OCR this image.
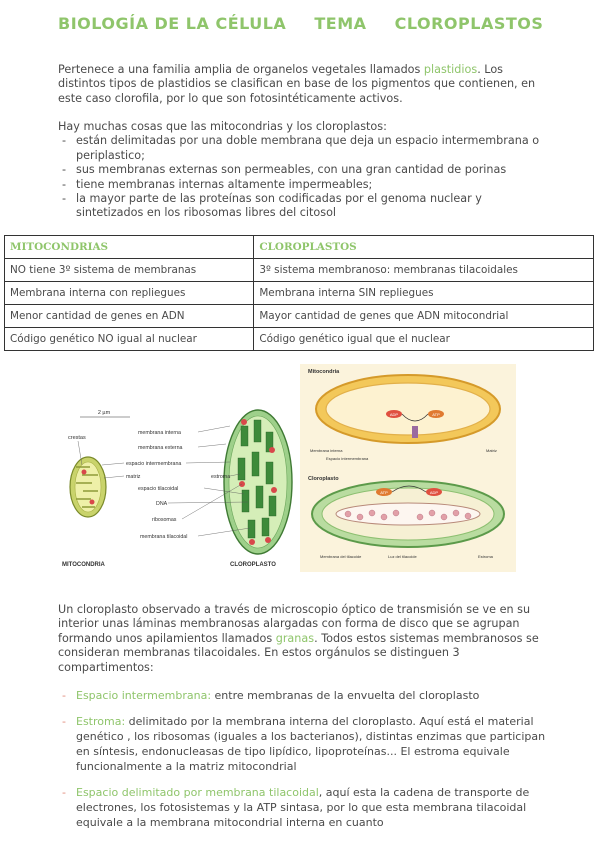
BIOLOGÍA DE LA CÉLULA TEMA CLOROPLASTOS
Pertenece a una familia amplia de organelos vegetales llamados plastidios. Los distintos tipos de plastidios se clasifican en base de los pigmentos que contienen, en este caso clorofila, por lo que son fotosintéticamente activos.
Hay muchas cosas que las mitocondrias y los cloroplastos:
- están delimitadas por una doble membrana que deja un espacio intermembrana o periplastico;
- sus membranas externas son permeables, con una gran cantidad de porinas
- tiene membranas internas altamente impermeables;
- la mayor parte de las proteínas son codificadas por el genoma nuclear y sintetizados en los ribosomas libres del citosol
MITOCONDRIAS	CLOROPLASTOS
NO tiene 3º sistema de membranas	3º sistema membranoso: membranas tilacoidales
Membrana interna con repliegues	Membrana interna SIN repliegues
Menor cantidad de genes en ADN	Mayor cantidad de genes que ADN mitocondrial
Código genético NO igual al nuclear	Código genético igual que el nuclear
2 µm
crestas
membrana interna
membrana externa
espacio intermembrana
matriz	estroma
espacio tilacoidal
DNA
ribosomas
membrana tilacoidal
MITOCONDRIA	CLOROPLASTO
Mitocondria
ADP	ATP
Membrana interna
Espacio intermembrana
Matriz
Cloroplasto
ATP	ADP
Membrana del tilacoide	Luz del tilacoide	Estroma
Un cloroplasto observado a través de microscopio óptico de transmisión se ve en su interior unas láminas membranosas alargadas con forma de disco que se agrupan formando unos apilamientos llamados granas. Todos estos sistemas membranosos se consideran membranas tilacoidales. En estos orgánulos se distinguen 3 compartimentos:
- Espacio intermembrana: entre membranas de la envuelta del cloroplasto
- Estroma: delimitado por la membrana interna del cloroplasto. Aquí está el material genético , los ribosomas (iguales a los bacterianos), distintas enzimas que participan en síntesis, endonucleasas de tipo lipídico, lipoproteínas... El estroma equivale funcionalmente a la matriz mitocondrial
- Espacio delimitado por membrana tilacoidal, aquí esta la cadena de transporte de electrones, los fotosistemas y la ATP sintasa, por lo que esta membrana tilacoidal equivale a la membrana mitocondrial interna en cuanto
